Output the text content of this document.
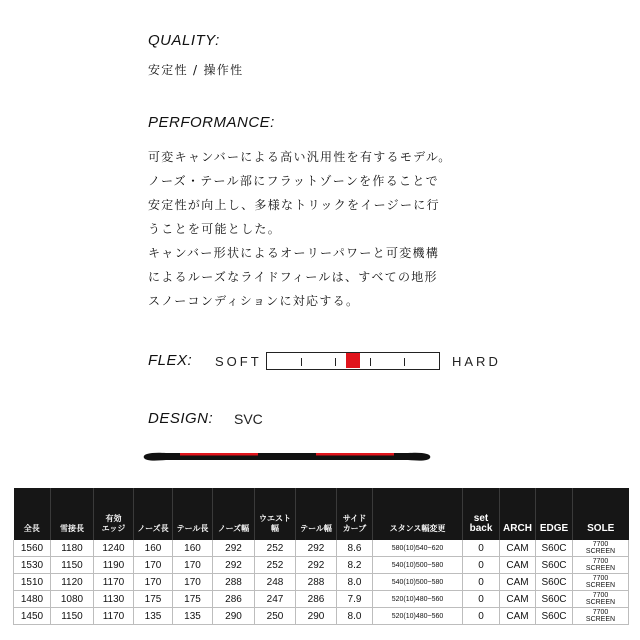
QUALITY:
安定性 / 操作性
PERFORMANCE:
可変キャンバーによる高い汎用性を有するモデル。
ノーズ・テール部にフラットゾーンを作ることで
安定性が向上し、多様なトリックをイージーに行
うことを可能とした。
キャンバー形状によるオーリーパワーと可変機構
によるルーズなライドフィールは、すべての地形
スノーコンディションに対応する。
FLEX: SOFT	HARD
DESIGN: SVC
全長	雪接長	有効
エッジ	ノーズ長	テール長	ノーズ幅	ウエスト幅	テール幅	サイド
カーブ	スタンス幅変更	set
back	ARCH	EDGE	SOLE
1560	1180	1240	160	160	292	252	292	8.6	580(10)540~620	0	CAM	S60C	7700
SCREEN
1530	1150	1190	170	170	292	252	292	8.2	540(10)500~580	0	CAM	S60C	7700
SCREEN
1510	1120	1170	170	170	288	248	288	8.0	540(10)500~580	0	CAM	S60C	7700
SCREEN
1480	1080	1130	175	175	286	247	286	7.9	520(10)480~560	0	CAM	S60C	7700
SCREEN
1450	1150	1170	135	135	290	250	290	8.0	520(10)480~560	0	CAM	S60C	7700
SCREEN
